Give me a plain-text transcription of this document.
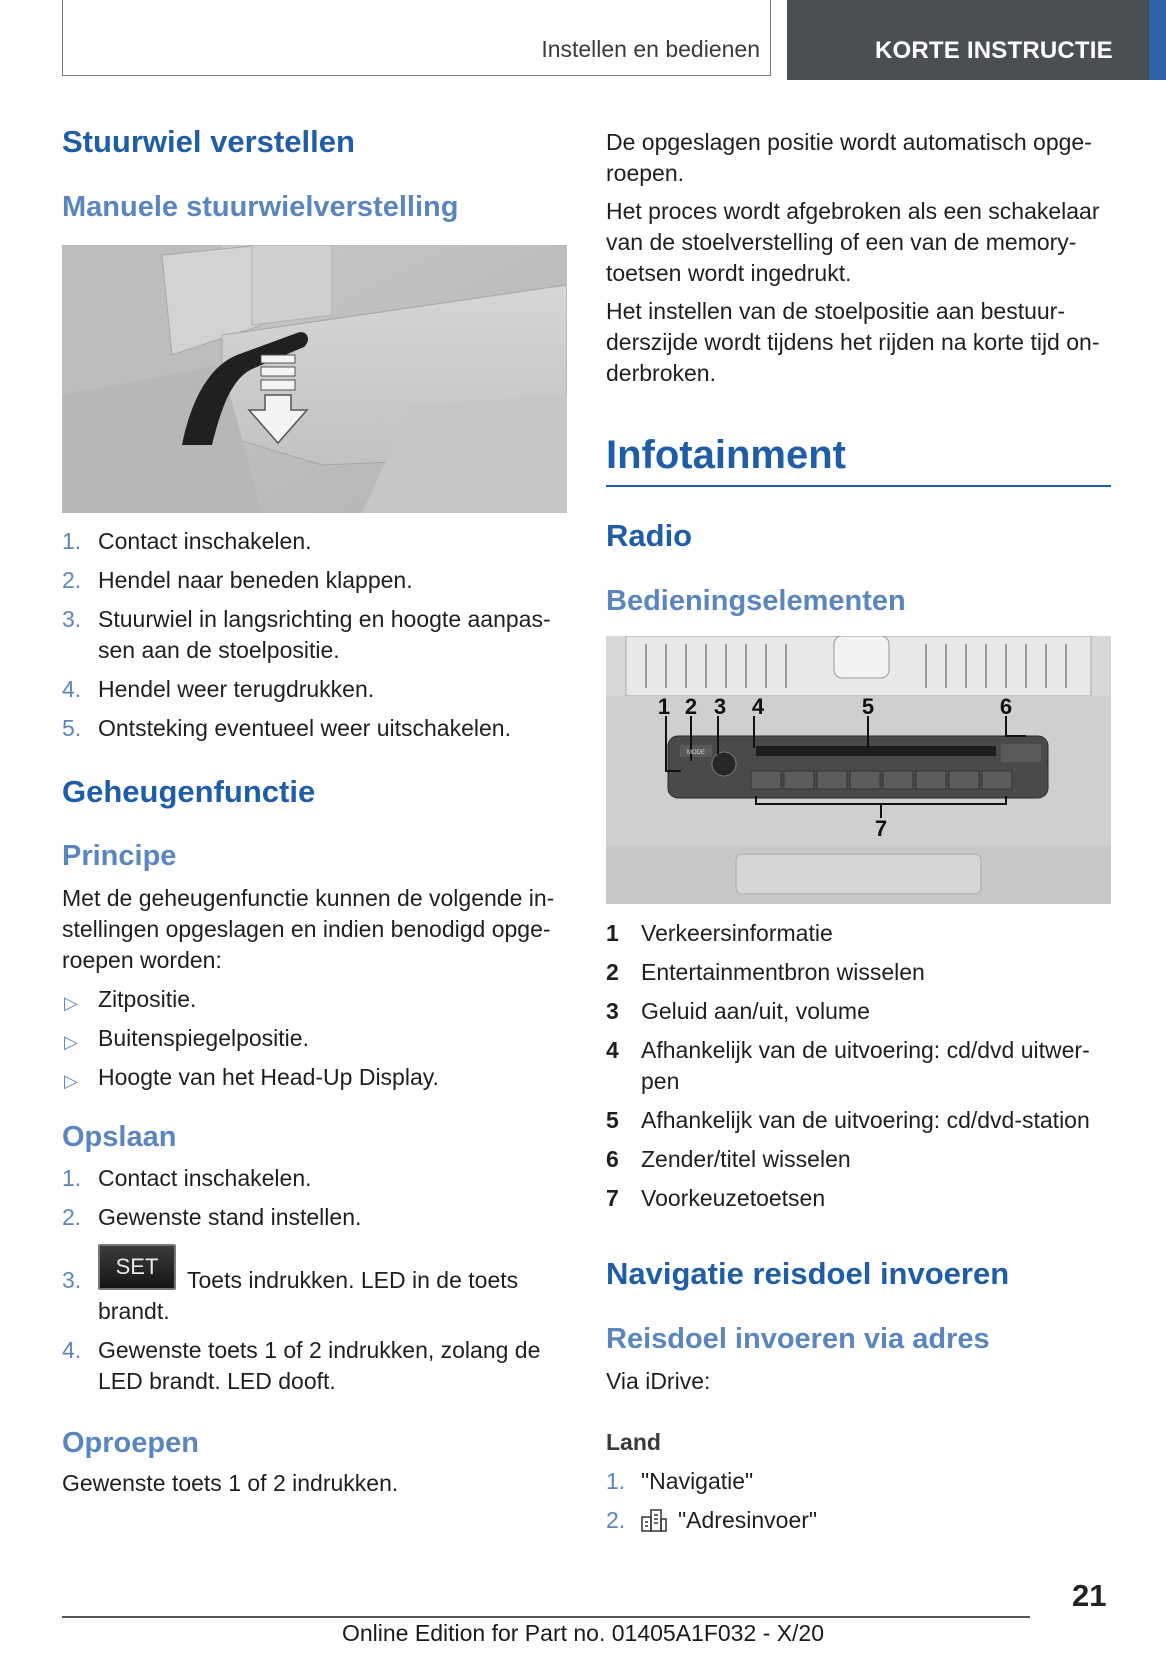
Instellen en bedienen	KORTE INSTRUCTIE
Stuurwiel verstellen
Manuele stuurwielverstelling
1. Contact inschakelen.
2. Hendel naar beneden klappen.
3. Stuurwiel in langsrichting en hoogte aanpas-
sen aan de stoelpositie.
4. Hendel weer terugdrukken.
5. Ontsteking eventueel weer uitschakelen.
Geheugenfunctie
Principe
Met de geheugenfunctie kunnen de volgende in-
stellingen opgeslagen en indien benodigd opge-
roepen worden:
▷ Zitpositie.
▷ Buitenspiegelpositie.
▷ Hoogte van het Head-Up Display.
Opslaan
1. Contact inschakelen.
2. Gewenste stand instellen.
3.
SET
Toets indrukken. LED in de toets
brandt.
4. Gewenste toets 1 of 2 indrukken, zolang de
LED brandt. LED dooft.
Oproepen
Gewenste toets 1 of 2 indrukken.
De opgeslagen positie wordt automatisch opge-
roepen.
Het proces wordt afgebroken als een schakelaar
van de stoelverstelling of een van de memory-
toetsen wordt ingedrukt.
Het instellen van de stoelpositie aan bestuur-
derszijde wordt tijdens het rijden na korte tijd on-
derbroken.
Infotainment
Radio
Bedieningselementen
1 2 3 4	5	6
7
MODE
1 Verkeersinformatie
2 Entertainmentbron wisselen
3 Geluid aan/uit, volume
4 Afhankelijk van de uitvoering: cd/dvd uitwer-
pen
5 Afhankelijk van de uitvoering: cd/dvd-station
6 Zender/titel wisselen
7 Voorkeuzetoetsen
Navigatie reisdoel invoeren
Reisdoel invoeren via adres
Via iDrive:
Land
1. "Navigatie"
2. "Adresinvoer"
21
Online Edition for Part no. 01405A1F032 - X/20
